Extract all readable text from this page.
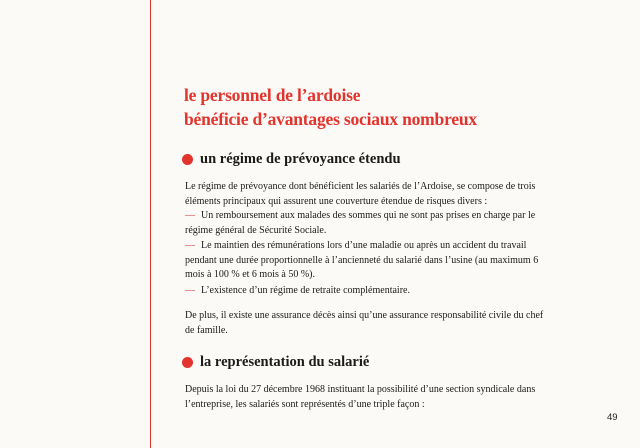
le personnel de l’ardoise
bénéficie d’avantages sociaux nombreux
un régime de prévoyance étendu
Le régime de prévoyance dont bénéficient les salariés de l’Ardoise, se compose de trois
éléments principaux qui assurent une couverture étendue de risques divers :
— Un remboursement aux malades des sommes qui ne sont pas prises en charge par le
régime général de Sécurité Sociale.
— Le maintien des rémunérations lors d’une maladie ou après un accident du travail
pendant une durée proportionnelle à l’ancienneté du salarié dans l’usine (au maximum 6
mois à 100 % et 6 mois à 50 %).
— L’existence d’un régime de retraite complémentaire.
De plus, il existe une assurance décès ainsi qu’une assurance responsabilité civile du chef
de famille.
la représentation du salarié
Depuis la loi du 27 décembre 1968 instituant la possibilité d’une section syndicale dans
l’entreprise, les salariés sont représentés d’une triple façon :
49
